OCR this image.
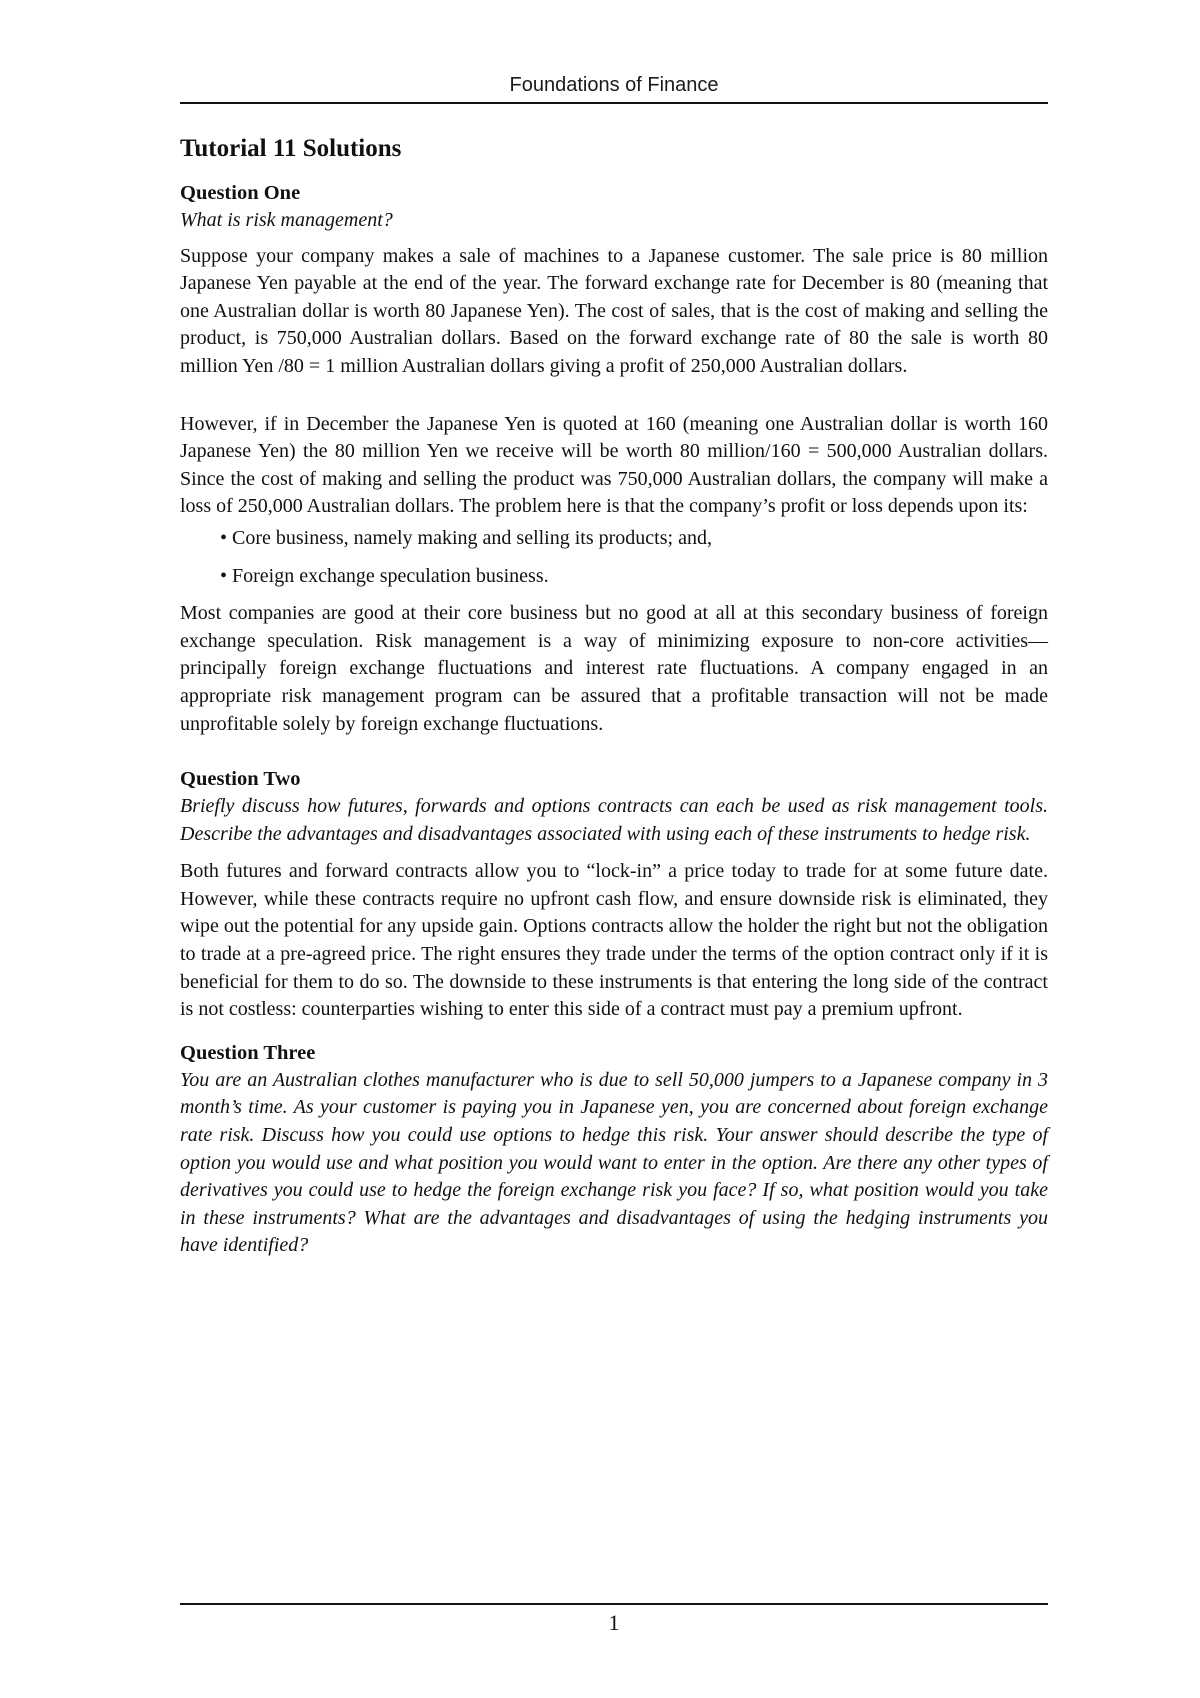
Foundations of Finance
Tutorial 11 Solutions
Question One

What is risk management?

Suppose your company makes a sale of machines to a Japanese customer. The sale price is 80 million Japanese Yen payable at the end of the year. The forward exchange rate for December is 80 (meaning that one Australian dollar is worth 80 Japanese Yen). The cost of sales, that is the cost of making and selling the product, is 750,000 Australian dollars. Based on the forward exchange rate of 80 the sale is worth 80 million Yen /80 = 1 million Australian dollars giving a profit of 250,000 Australian dollars.

However, if in December the Japanese Yen is quoted at 160 (meaning one Australian dollar is worth 160 Japanese Yen) the 80 million Yen we receive will be worth 80 million/160 = 500,000 Australian dollars. Since the cost of making and selling the product was 750,000 Australian dollars, the company will make a loss of 250,000 Australian dollars. The problem here is that the company’s profit or loss depends upon its:

• Core business, namely making and selling its products; and,
• Foreign exchange speculation business.

Most companies are good at their core business but no good at all at this secondary business of foreign exchange speculation. Risk management is a way of minimizing exposure to non-core activities—principally foreign exchange fluctuations and interest rate fluctuations. A company engaged in an appropriate risk management program can be assured that a profitable transaction will not be made unprofitable solely by foreign exchange fluctuations.

Question Two

Briefly discuss how futures, forwards and options contracts can each be used as risk management tools. Describe the advantages and disadvantages associated with using each of these instruments to hedge risk.

Both futures and forward contracts allow you to “lock-in” a price today to trade for at some future date. However, while these contracts require no upfront cash flow, and ensure downside risk is eliminated, they wipe out the potential for any upside gain. Options contracts allow the holder the right but not the obligation to trade at a pre-agreed price. The right ensures they trade under the terms of the option contract only if it is beneficial for them to do so. The downside to these instruments is that entering the long side of the contract is not costless: counterparties wishing to enter this side of a contract must pay a premium upfront.

Question Three

You are an Australian clothes manufacturer who is due to sell 50,000 jumpers to a Japanese company in 3 month’s time. As your customer is paying you in Japanese yen, you are concerned about foreign exchange rate risk. Discuss how you could use options to hedge this risk. Your answer should describe the type of option you would use and what position you would want to enter in the option. Are there any other types of derivatives you could use to hedge the foreign exchange risk you face? If so, what position would you take in these instruments? What are the advantages and disadvantages of using the hedging instruments you have identified?

1
